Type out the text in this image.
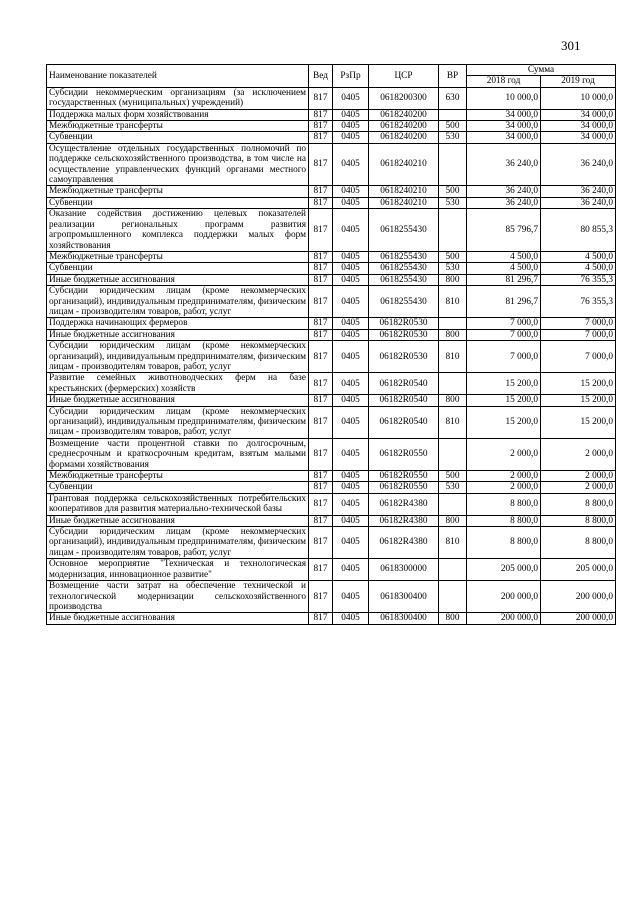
301
Наименование показателей	Вед	РзПр	ЦСР	ВР	Сумма	
					2018 год	2019 год
Субсидии некоммерческим организациям (за исключением государственных (муниципальных) учреждений)	817	0405	0618200300	630	10 000,0	10 000,0
Поддержка малых форм хозяйствования	817	0405	0618240200		34 000,0	34 000,0
Межбюджетные трансферты	817	0405	0618240200	500	34 000,0	34 000,0
Субвенции	817	0405	0618240200	530	34 000,0	34 000,0
Осуществление отдельных государственных полномочий по поддержке сельскохозяйственного производства, в том числе на осуществление управленческих функций органами местного самоуправления	817	0405	0618240210		36 240,0	36 240,0
Межбюджетные трансферты	817	0405	0618240210	500	36 240,0	36 240,0
Субвенции	817	0405	0618240210	530	36 240,0	36 240,0
Оказание содействия достижению целевых показателей реализации региональных программ развития агропромышленного комплекса поддержки малых форм хозяйствования	817	0405	0618255430		85 796,7	80 855,3
Межбюджетные трансферты	817	0405	0618255430	500	4 500,0	4 500,0
Субвенции	817	0405	0618255430	530	4 500,0	4 500,0
Иные бюджетные ассигнования	817	0405	0618255430	800	81 296,7	76 355,3
Субсидии юридическим лицам (кроме некоммерческих организаций), индивидуальным предпринимателям, физическим лицам - производителям товаров, работ, услуг	817	0405	0618255430	810	81 296,7	76 355,3
Поддержка начинающих фермеров	817	0405	06182R0530		7 000,0	7 000,0
Иные бюджетные ассигнования	817	0405	06182R0530	800	7 000,0	7 000,0
Субсидии юридическим лицам (кроме некоммерческих организаций), индивидуальным предпринимателям, физическим лицам - производителям товаров, работ, услуг	817	0405	06182R0530	810	7 000,0	7 000,0
Развитие семейных животноводческих ферм на базе крестьянских (фермерских) хозяйств	817	0405	06182R0540		15 200,0	15 200,0
Иные бюджетные ассигнования	817	0405	06182R0540	800	15 200,0	15 200,0
Субсидии юридическим лицам (кроме некоммерческих организаций), индивидуальным предпринимателям, физическим лицам - производителям товаров, работ, услуг	817	0405	06182R0540	810	15 200,0	15 200,0
Возмещение части процентной ставки по долгосрочным, среднесрочным и краткосрочным кредитам, взятым малыми формами хозяйствования	817	0405	06182R0550		2 000,0	2 000,0
Межбюджетные трансферты	817	0405	06182R0550	500	2 000,0	2 000,0
Субвенции	817	0405	06182R0550	530	2 000,0	2 000,0
Грантовая поддержка сельскохозяйственных потребительских кооперативов для развития материально-технической базы	817	0405	06182R4380		8 800,0	8 800,0
Иные бюджетные ассигнования	817	0405	06182R4380	800	8 800,0	8 800,0
Субсидии юридическим лицам (кроме некоммерческих организаций), индивидуальным предпринимателям, физическим лицам - производителям товаров, работ, услуг	817	0405	06182R4380	810	8 800,0	8 800,0
Основное мероприятие "Техническая и технологическая модернизация, инновационное развитие"	817	0405	0618300000		205 000,0	205 000,0
Возмещение части затрат на обеспечение технической и технологической модернизации сельскохозяйственного производства	817	0405	0618300400		200 000,0	200 000,0
Иные бюджетные ассигнования	817	0405	0618300400	800	200 000,0	200 000,0
